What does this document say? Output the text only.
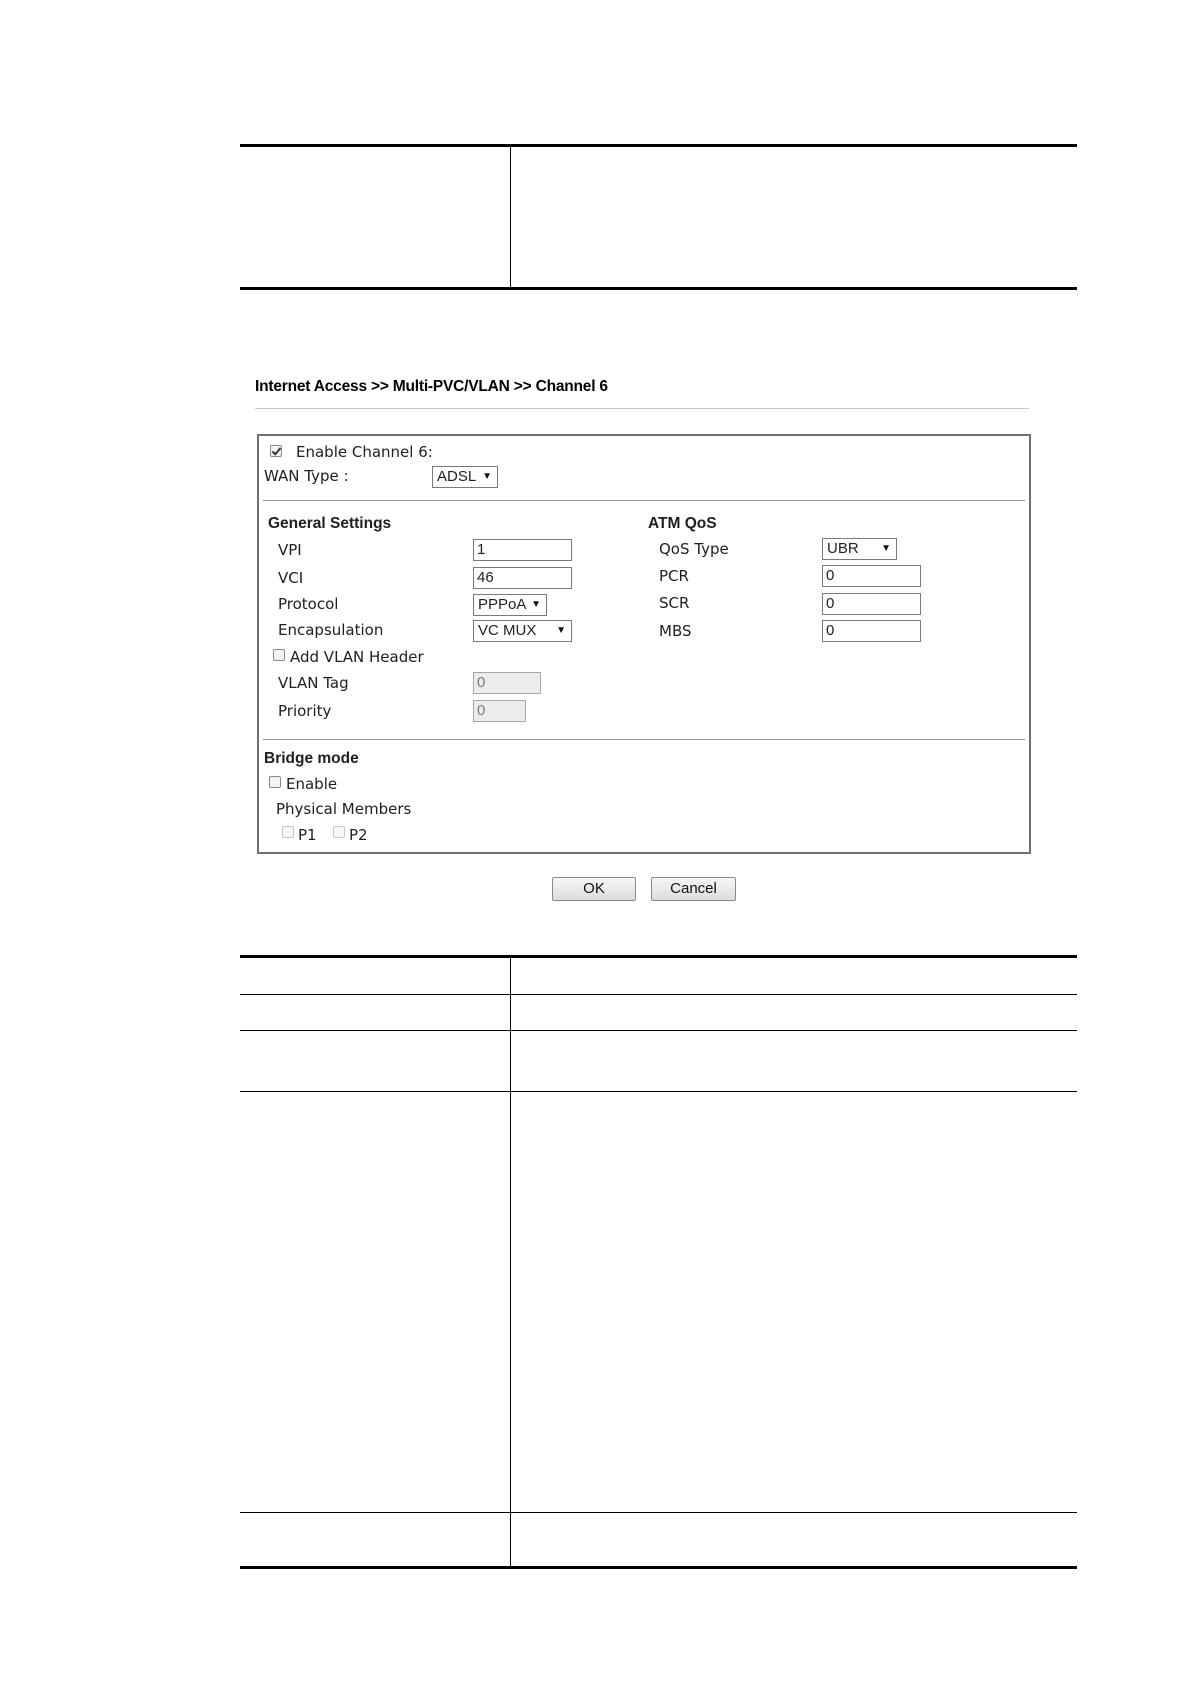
Internet Access >> Multi-PVC/VLAN >> Channel 6
Enable Channel 6:
WAN Type :	ADSL ▼
General Settings
VPI	1
VCI	46
Protocol	PPPoA ▼
Encapsulation	VC MUX ▼
Add VLAN Header
VLAN Tag	0
Priority	0
ATM QoS
QoS Type	UBR ▼
PCR	0
SCR	0
MBS	0
Bridge mode
Enable
Physical Members
P1 P2
OK	Cancel
